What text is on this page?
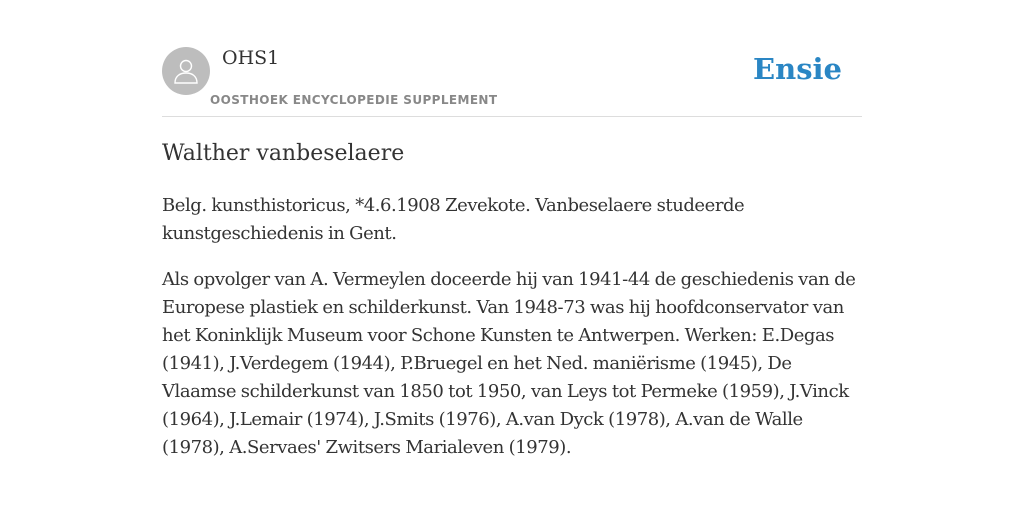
OHS1
OOSTHOEK ENCYCLOPEDIE SUPPLEMENT
Ensie
Walther vanbeselaere

Belg. kunsthistoricus, *4.6.1908 Zevekote. Vanbeselaere studeerde kunstgeschiedenis in Gent.

Als opvolger van A. Vermeylen doceerde hij van 1941-44 de geschiedenis van de Europese plastiek en schilderkunst. Van 1948-73 was hij hoofdconservator van het Koninklijk Museum voor Schone Kunsten te Antwerpen. Werken: E.Degas (1941), J.Verdegem (1944), P.Bruegel en het Ned. maniërisme (1945), De Vlaamse schilderkunst van 1850 tot 1950, van Leys tot Permeke (1959), J.Vinck (1964), J.Lemair (1974), J.Smits (1976), A.van Dyck (1978), A.van de Walle (1978), A.Servaes' Zwitsers Marialeven (1979).
